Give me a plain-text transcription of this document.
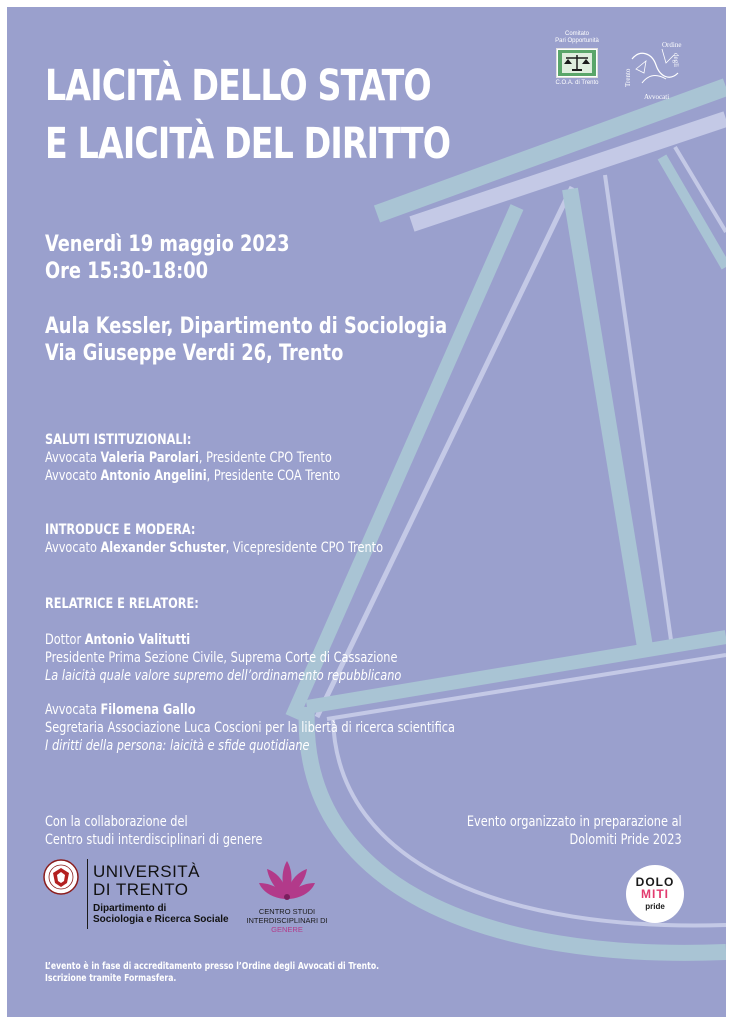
LAICITÀ DELLO STATO
E LAICITÀ DEL DIRITTO
Venerdì 19 maggio 2023
Ore 15:30-18:00
Aula Kessler, Dipartimento di Sociologia
Via Giuseppe Verdi 26, Trento
SALUTI ISTITUZIONALI:
Avvocata Valeria Parolari, Presidente CPO Trento
Avvocato Antonio Angelini, Presidente COA Trento
INTRODUCE E MODERA:
Avvocato Alexander Schuster, Vicepresidente CPO Trento
RELATRICE E RELATORE:
Dottor Antonio Valitutti
Presidente Prima Sezione Civile, Suprema Corte di Cassazione
La laicità quale valore supremo dell’ordinamento repubblicano
Avvocata Filomena Gallo
Segretaria Associazione Luca Coscioni per la libertà di ricerca scientifica
I diritti della persona: laicità e sfide quotidiane
Con la collaborazione del
Centro studi interdisciplinari di genere
Evento organizzato in preparazione al
Dolomiti Pride 2023
Comitato
Pari Opportunità
C.O.A. di Trento
Ordine
degli
Avvocati
Trento
UNIVERSITÀ
DI TRENTO
Dipartimento di
Sociologia e Ricerca Sociale
CENTRO STUDI
INTERDISCIPLINARI DI
GENERE
DOLO
MITI
pride
L’evento è in fase di accreditamento presso l’Ordine degli Avvocati di Trento.
Iscrizione tramite Formasfera.
